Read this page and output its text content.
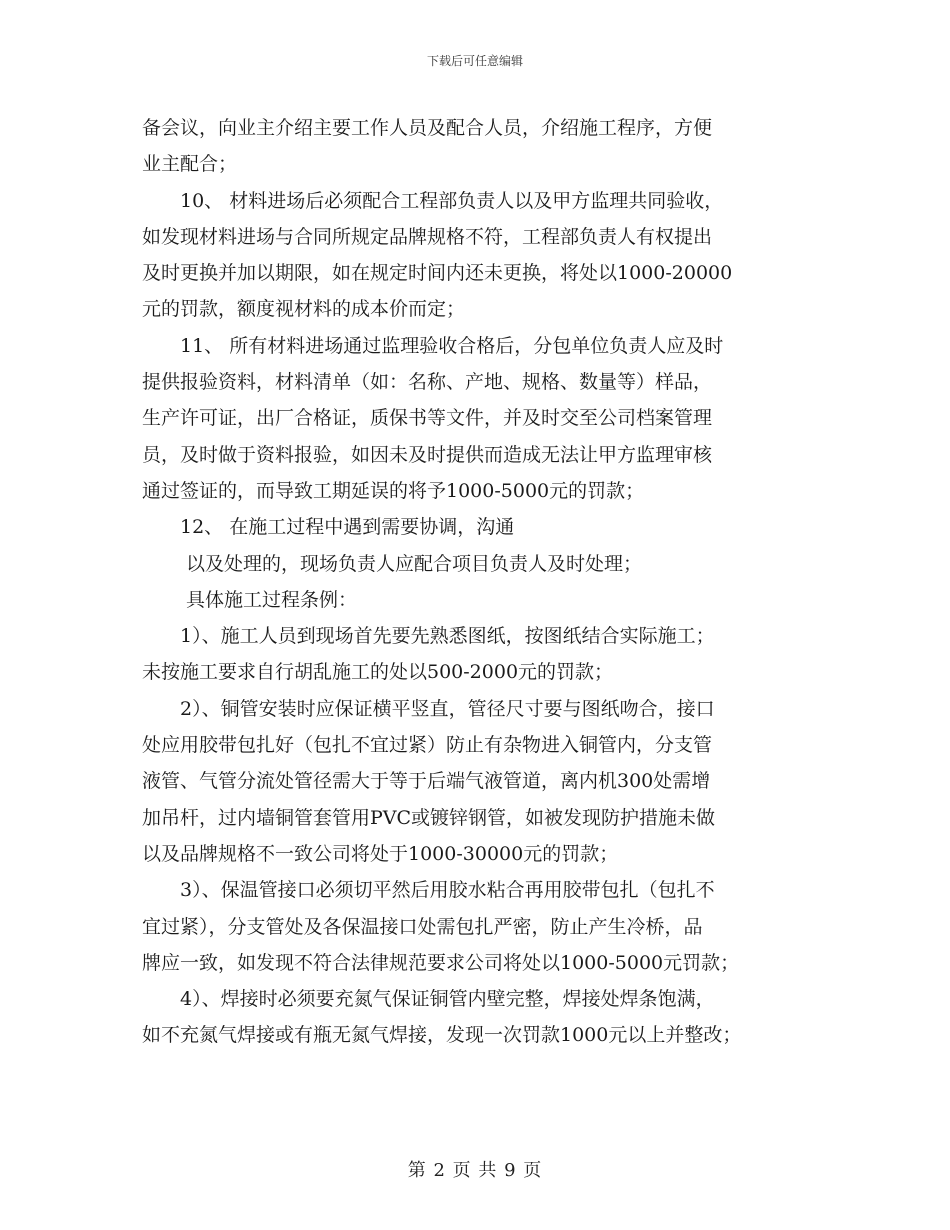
下载后可任意编辑
备会议，向业主介绍主要工作人员及配合人员，介绍施工程序，方便
业主配合；
10、 材料进场后必须配合工程部负责人以及甲方监理共同验收，
如发现材料进场与合同所规定品牌规格不符，工程部负责人有权提出
及时更换并加以期限，如在规定时间内还未更换，将处以1000-20000
元的罚款，额度视材料的成本价而定；
11、 所有材料进场通过监理验收合格后，分包单位负责人应及时
提供报验资料，材料清单（如：名称、产地、规格、数量等）样品，
生产许可证，出厂合格证，质保书等文件，并及时交至公司档案管理
员，及时做于资料报验，如因未及时提供而造成无法让甲方监理审核
通过签证的，而导致工期延误的将予1000-5000元的罚款；
12、 在施工过程中遇到需要协调，沟通
以及处理的，现场负责人应配合项目负责人及时处理；
具体施工过程条例：
1）、施工人员到现场首先要先熟悉图纸，按图纸结合实际施工；
未按施工要求自行胡乱施工的处以500-2000元的罚款；
2）、铜管安装时应保证横平竖直，管径尺寸要与图纸吻合，接口
处应用胶带包扎好（包扎不宜过紧）防止有杂物进入铜管内，分支管
液管、气管分流处管径需大于等于后端气液管道，离内机300处需增
加吊杆，过内墙铜管套管用PVC或镀锌钢管，如被发现防护措施未做
以及品牌规格不一致公司将处于1000-30000元的罚款；
3）、保温管接口必须切平然后用胶水粘合再用胶带包扎（包扎不
宜过紧），分支管处及各保温接口处需包扎严密，防止产生冷桥，品
牌应一致，如发现不符合法律规范要求公司将处以1000-5000元罚款；
4）、焊接时必须要充氮气保证铜管内壁完整，焊接处焊条饱满，
如不充氮气焊接或有瓶无氮气焊接，发现一次罚款1000元以上并整改；
第 2 页 共 9 页
